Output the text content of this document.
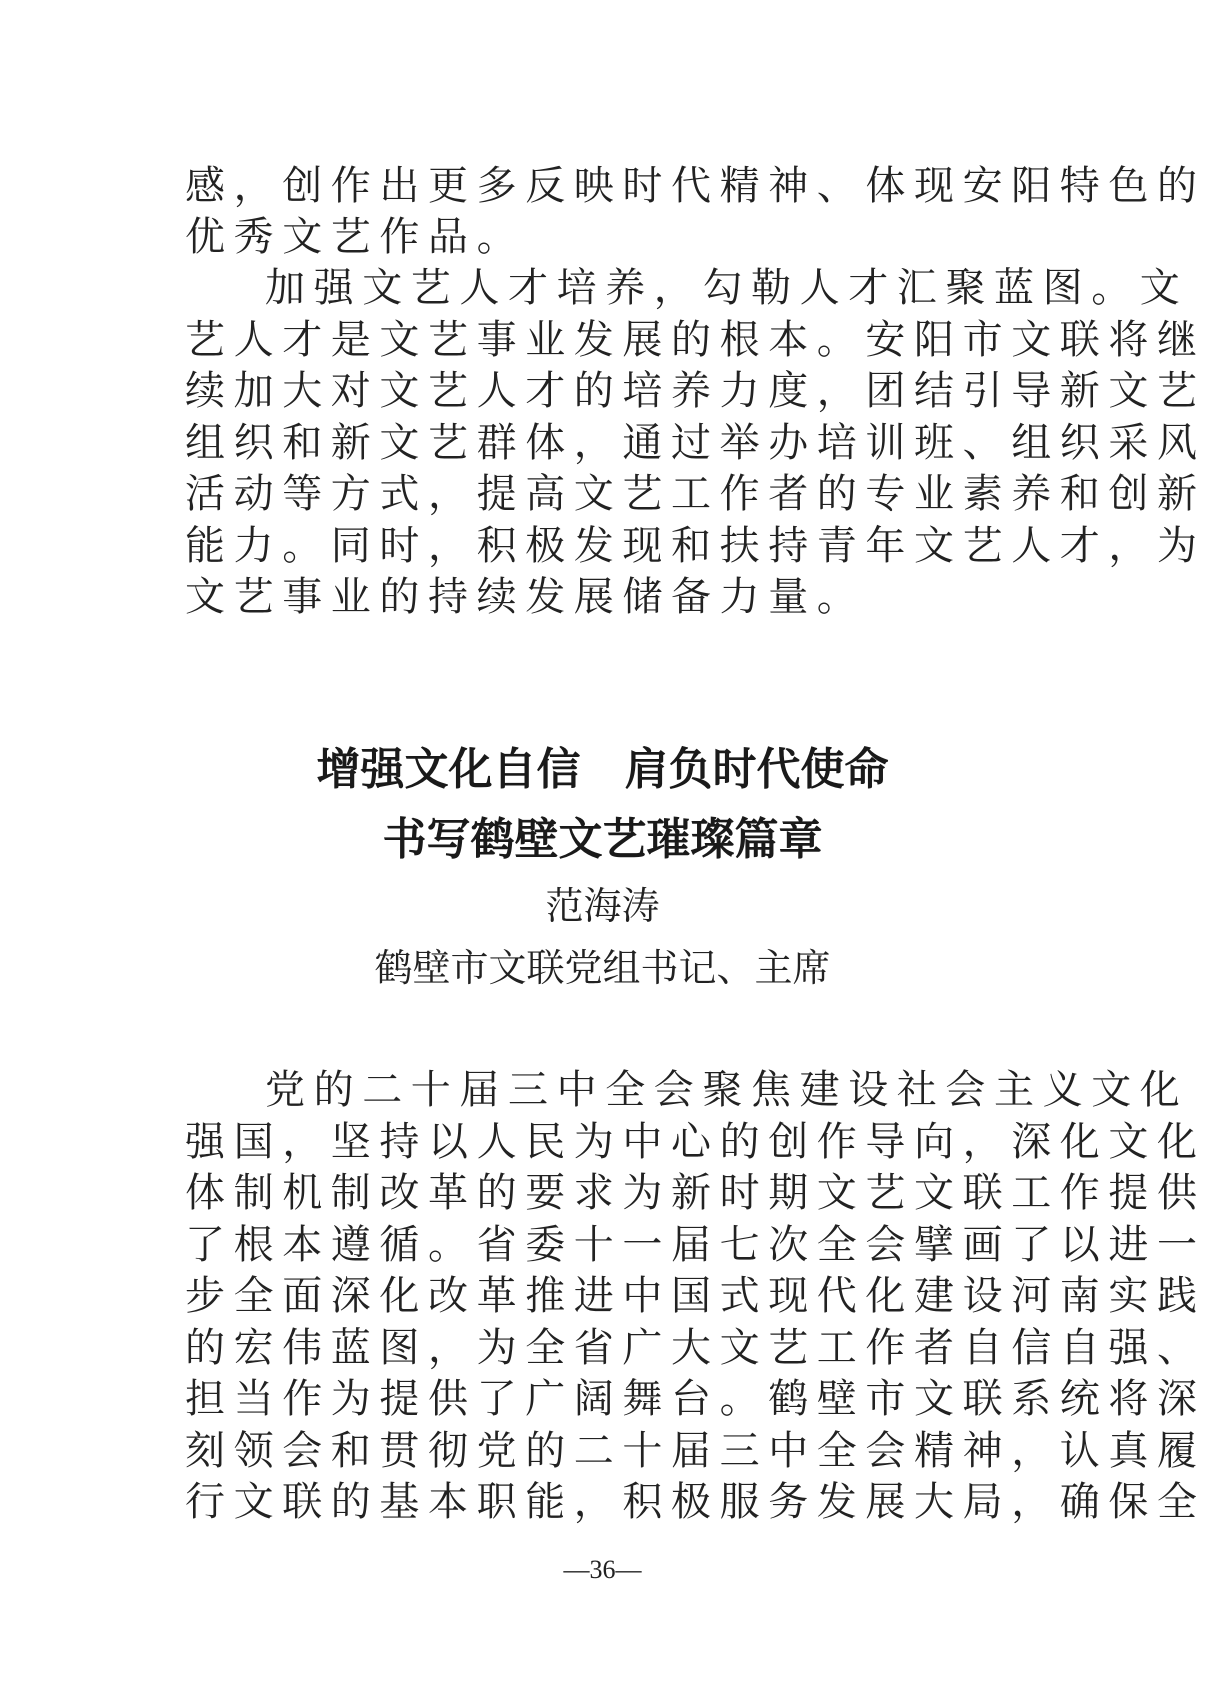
感，创作出更多反映时代精神、体现安阳特色的
优秀文艺作品。
加强文艺人才培养，勾勒人才汇聚蓝图。文
艺人才是文艺事业发展的根本。安阳市文联将继
续加大对文艺人才的培养力度，团结引导新文艺
组织和新文艺群体，通过举办培训班、组织采风
活动等方式，提高文艺工作者的专业素养和创新
能力。同时，积极发现和扶持青年文艺人才，为
文艺事业的持续发展储备力量。
增强文化自信　肩负时代使命
书写鹤壁文艺璀璨篇章
范海涛
鹤壁市文联党组书记、主席
党的二十届三中全会聚焦建设社会主义文化
强国，坚持以人民为中心的创作导向，深化文化
体制机制改革的要求为新时期文艺文联工作提供
了根本遵循。省委十一届七次全会擘画了以进一
步全面深化改革推进中国式现代化建设河南实践
的宏伟蓝图，为全省广大文艺工作者自信自强、
担当作为提供了广阔舞台。鹤壁市文联系统将深
刻领会和贯彻党的二十届三中全会精神，认真履
行文联的基本职能，积极服务发展大局，确保全
—36—
